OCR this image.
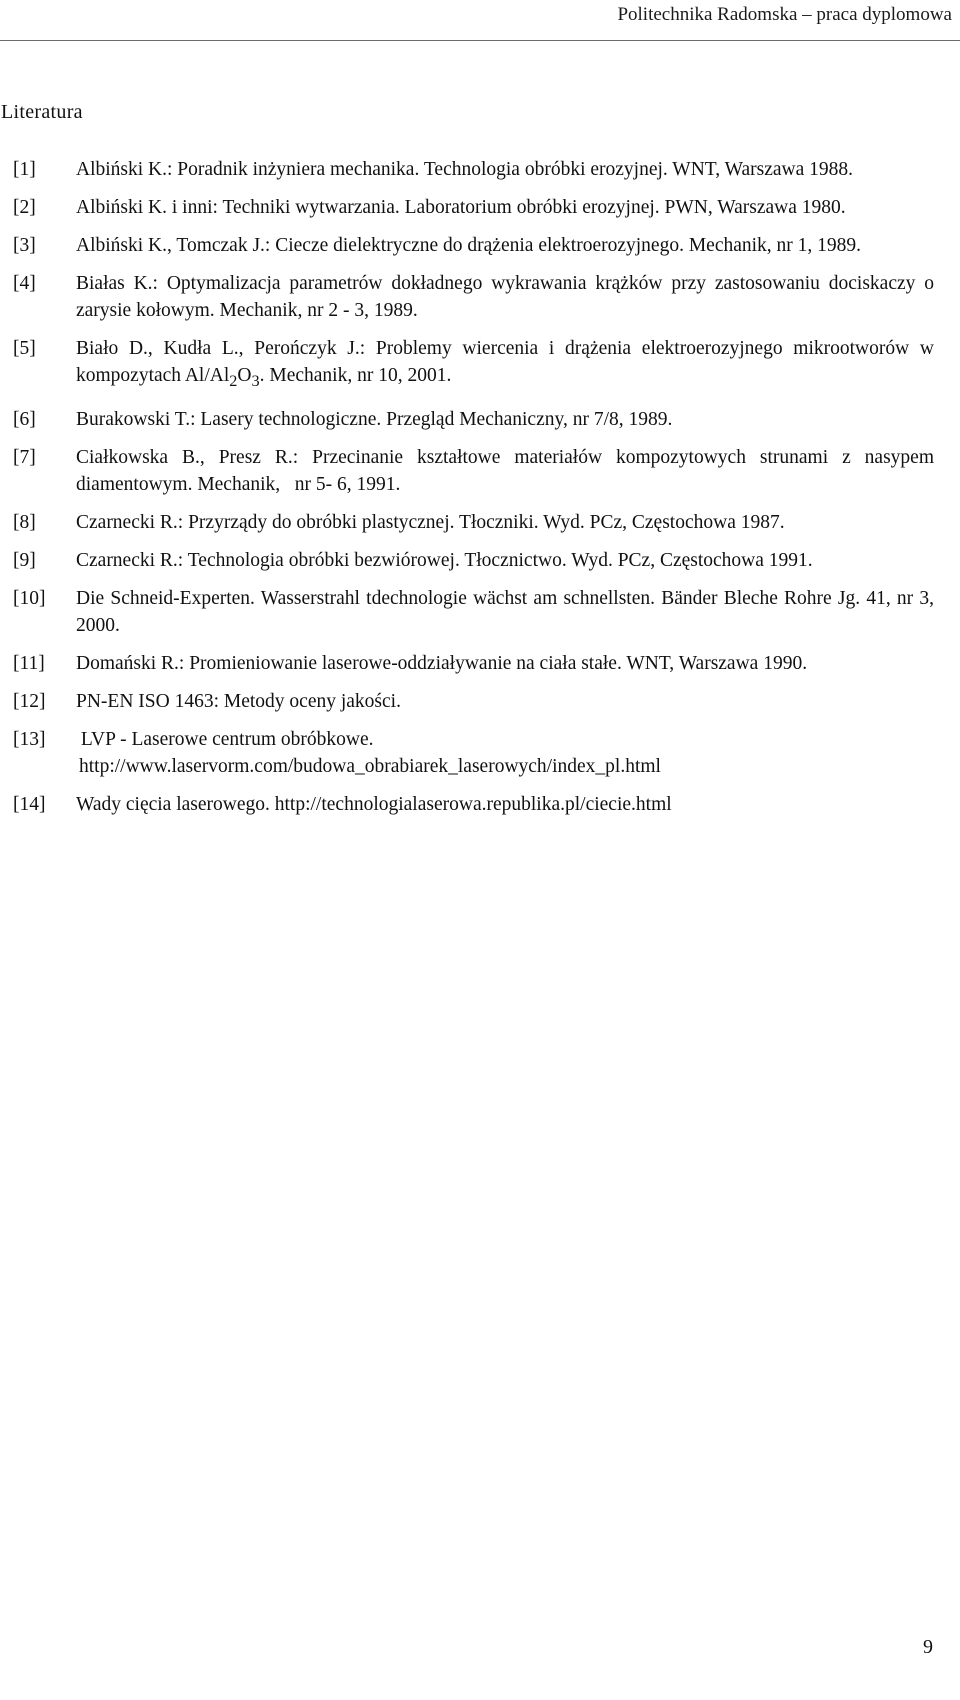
Politechnika Radomska – praca dyplomowa
Literatura
[1] Albiński K.: Poradnik inżyniera mechanika. Technologia obróbki erozyjnej. WNT, Warszawa 1988.
[2] Albiński K. i inni: Techniki wytwarzania. Laboratorium obróbki erozyjnej. PWN, Warszawa 1980.
[3] Albiński K., Tomczak J.: Ciecze dielektryczne do drążenia elektroerozyjnego. Mechanik, nr 1, 1989.
[4] Białas K.: Optymalizacja parametrów dokładnego wykrawania krążków przy zastosowaniu dociskaczy o zarysie kołowym. Mechanik, nr 2 - 3, 1989.
[5] Biało D., Kudła L., Perończyk J.: Problemy wiercenia i drążenia elektroerozyjnego mikrootworów w kompozytach $Al/Al_2O_3$. Mechanik, nr 10, 2001.
[6] Burakowski T.: Lasery technologiczne. Przegląd Mechaniczny, nr 7/8, 1989.
[7] Ciałkowska B., Presz R.: Przecinanie kształtowe materiałów kompozytowych strunami z nasypem diamentowym. Mechanik,   nr 5- 6, 1991.
[8] Czarnecki R.: Przyrządy do obróbki plastycznej. Tłoczniki. Wyd. PCz, Częstochowa 1987.
[9] Czarnecki R.: Technologia obróbki bezwiórowej. Tłocznictwo. Wyd. PCz, Częstochowa 1991.
[10] Die Schneid-Experten. Wasserstrahl tdechnologie wächst am schnellsten. Bänder Bleche Rohre Jg. 41, nr 3, 2000.
[11] Domański R.: Promieniowanie laserowe-oddziaływanie na ciała stałe. WNT, Warszawa 1990.
[12] PN-EN ISO 1463: Metody oceny jakości.
[13] LVP - Laserowe centrum obróbkowe.
http://www.laservorm.com/budowa_obrabiarek_laserowych/index_pl.html
[14] Wady cięcia laserowego. http://technologialaserowa.republika.pl/ciecie.html
9
